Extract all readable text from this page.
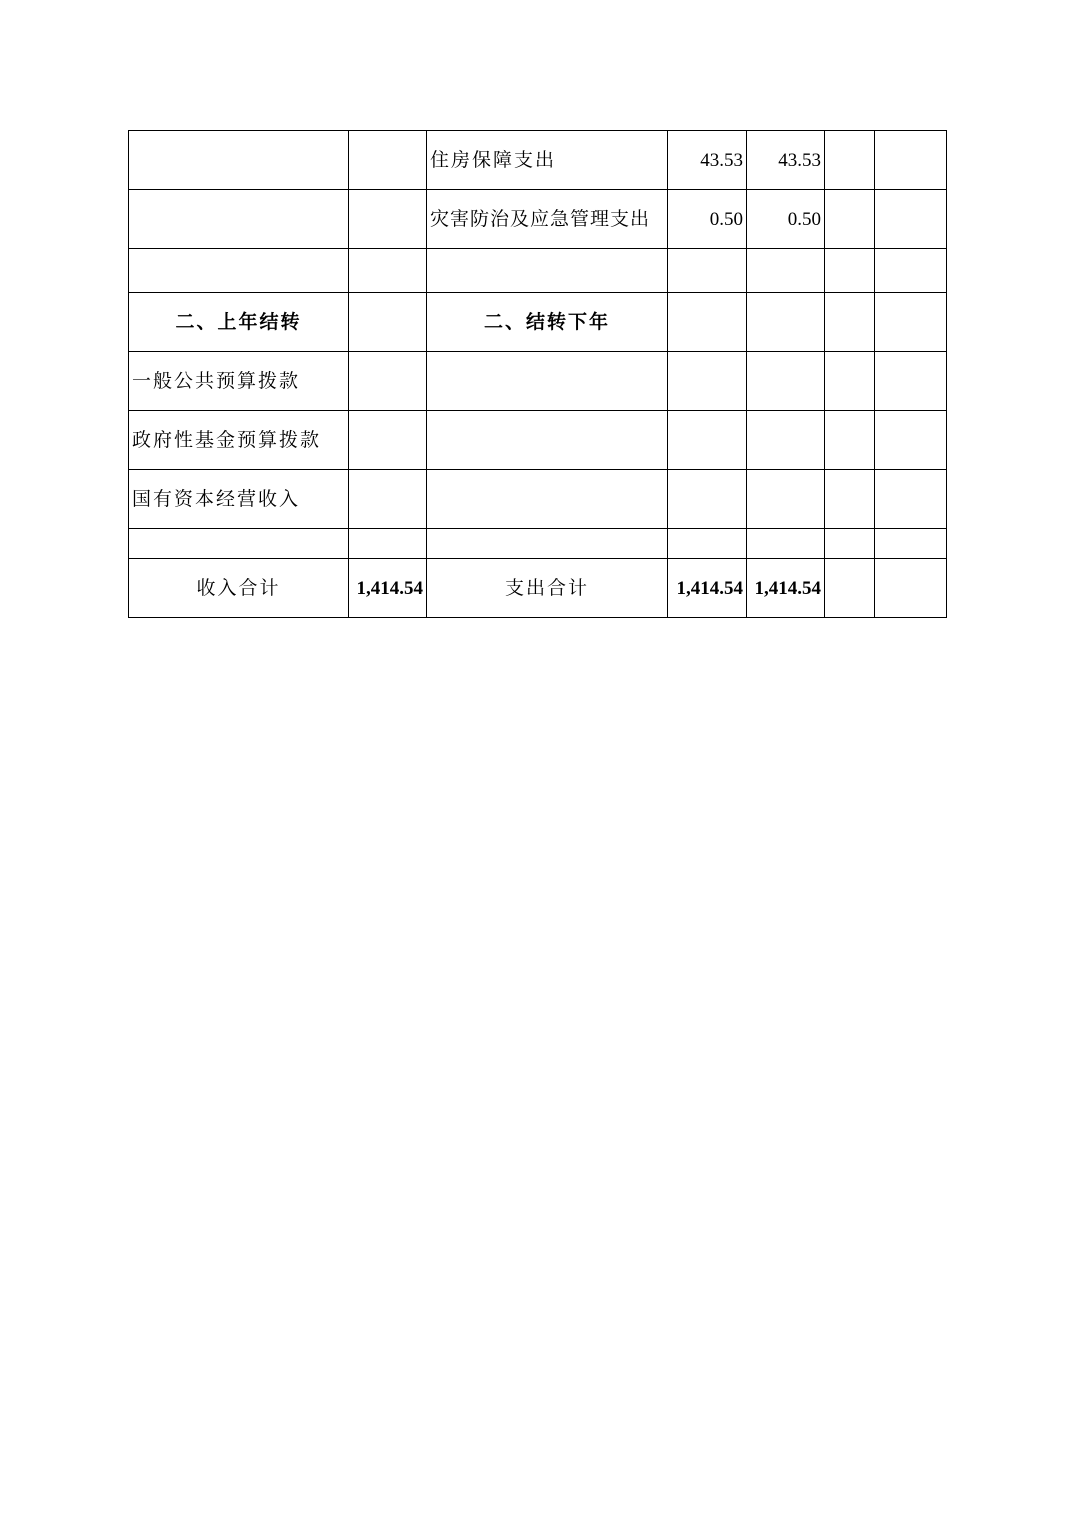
		住房保障支出	43.53	43.53		
		灾害防治及应急管理支出	0.50	0.50		

二、上年结转		二、结转下年				
一般公共预算拨款						
政府性基金预算拨款						
国有资本经营收入						

收入合计	1,414.54	支出合计	1,414.54	1,414.54		
